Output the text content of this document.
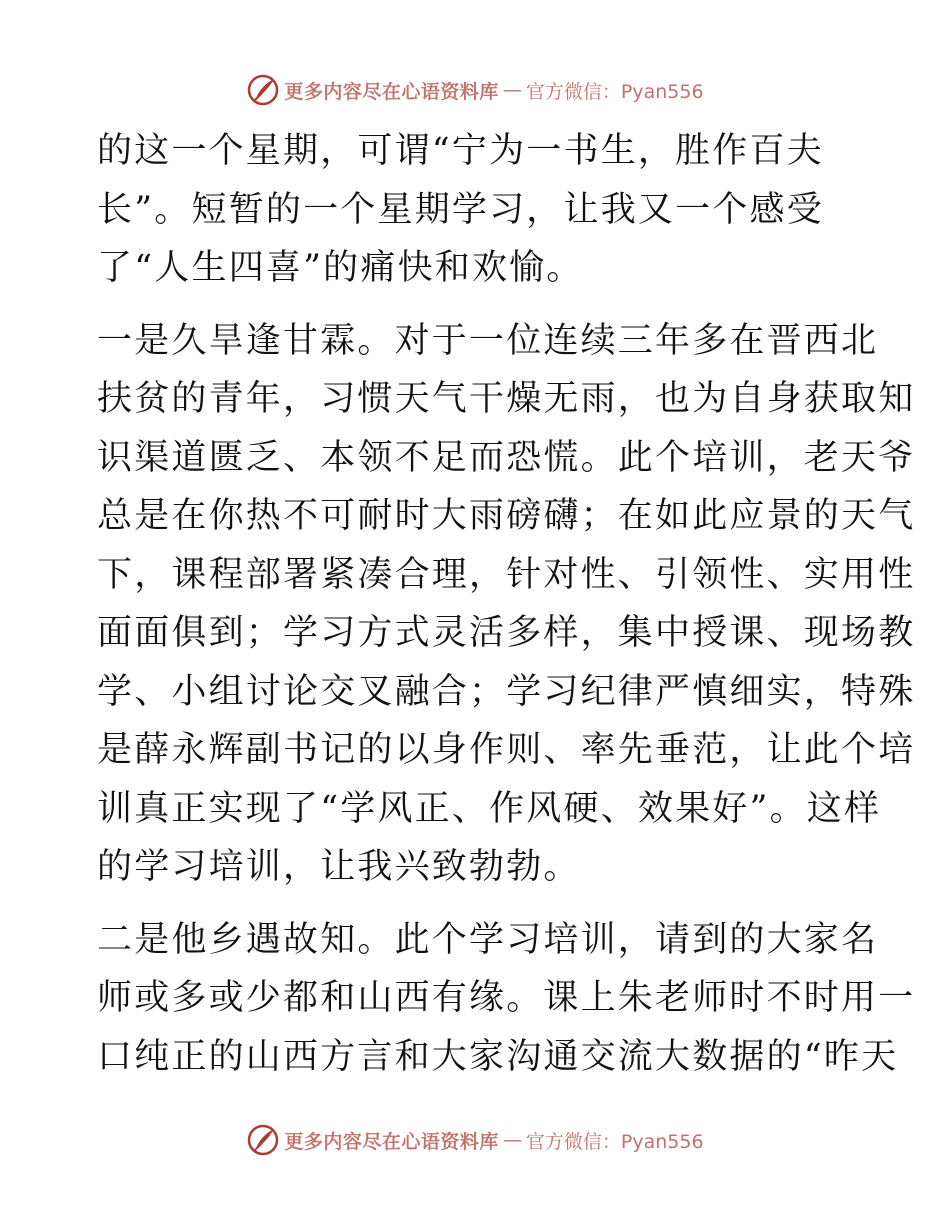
更多内容尽在心语资料库 — 官方微信：Pyan556
的这一个星期，可谓“宁为一书生，胜作百夫
长”。短暂的一个星期学习，让我又一个感受
了“人生四喜”的痛快和欢愉。
一是久旱逢甘霖。对于一位连续三年多在晋西北
扶贫的青年，习惯天气干燥无雨，也为自身获取知
识渠道匮乏、本领不足而恐慌。此个培训，老天爷
总是在你热不可耐时大雨磅礴；在如此应景的天气
下，课程部署紧凑合理，针对性、引领性、实用性
面面俱到；学习方式灵活多样，集中授课、现场教
学、小组讨论交叉融合；学习纪律严慎细实，特殊
是薛永辉副书记的以身作则、率先垂范，让此个培
训真正实现了“学风正、作风硬、效果好”。这样
的学习培训，让我兴致勃勃。
二是他乡遇故知。此个学习培训，请到的大家名
师或多或少都和山西有缘。课上朱老师时不时用一
口纯正的山西方言和大家沟通交流大数据的“昨天
更多内容尽在心语资料库 — 官方微信：Pyan556
